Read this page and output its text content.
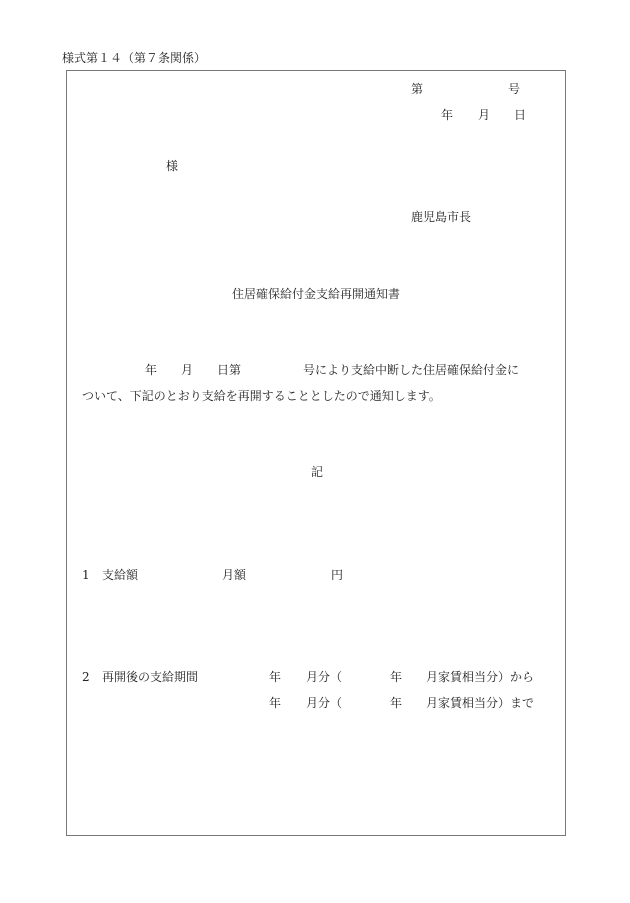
様式第１４（第７条関係）
第	号
年 月 日
様
鹿児島市長
住居確保給付金支給再開通知書
年 月 日第	号により支給中断した住居確保給付金に
ついて、下記のとおり支給を再開することとしたので通知します。
記
1 支給額	月額	円
2 再開後の支給期間	年 月分（	年 月家賃相当分） から
年 月分（	年 月家賃相当分） まで
